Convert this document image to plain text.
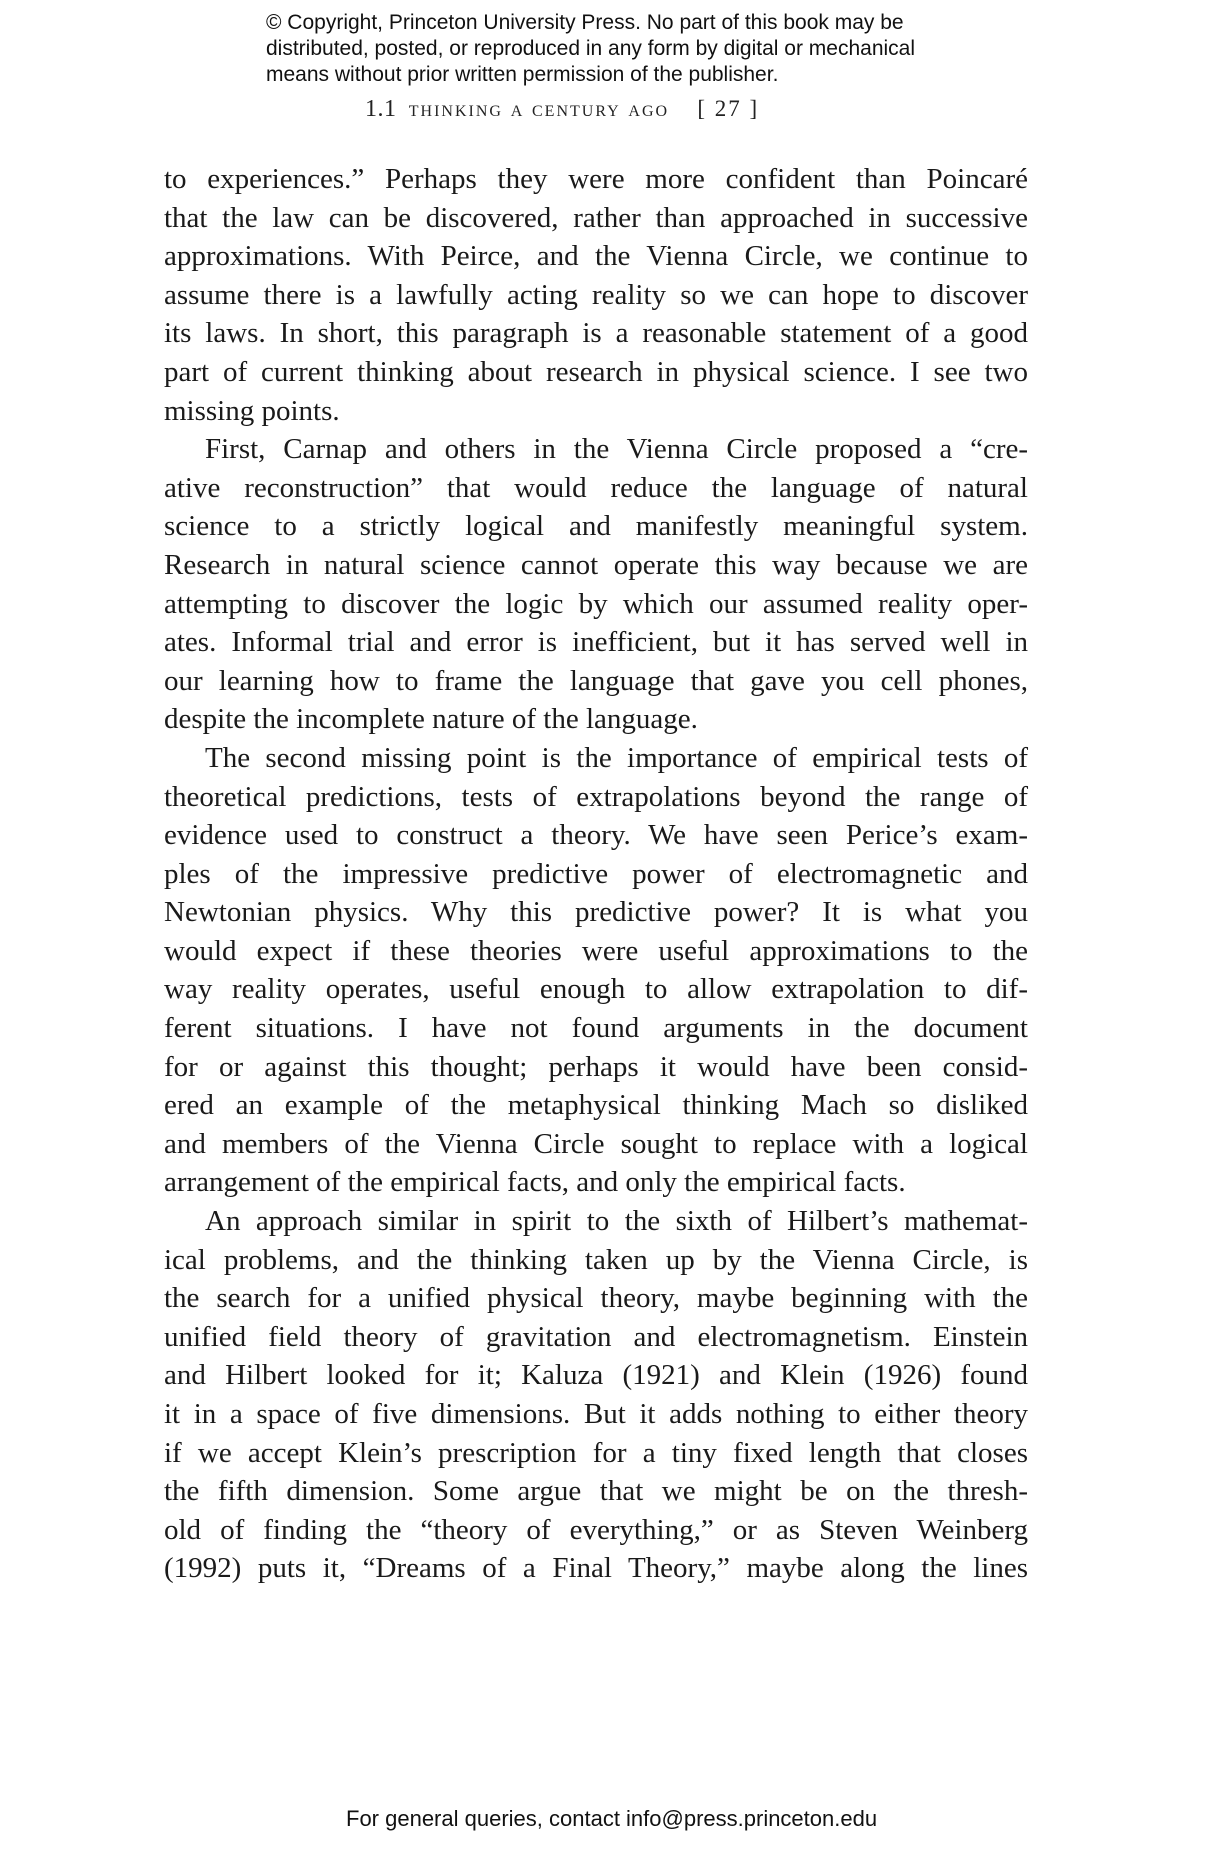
© Copyright, Princeton University Press. No part of this book may be

distributed, posted, or reproduced in any form by digital or mechanical

means without prior written permission of the publisher.

1.1 thinking a century ago [ 27 ]
to experiences.” Perhaps they were more confident than Poincaré
that the law can be discovered, rather than approached in successive
approximations. With Peirce, and the Vienna Circle, we continue to
assume there is a lawfully acting reality so we can hope to discover
its laws. In short, this paragraph is a reasonable statement of a good
part of current thinking about research in physical science. I see two
missing points.
First, Carnap and others in the Vienna Circle proposed a “cre-
ative reconstruction” that would reduce the language of natural
science to a strictly logical and manifestly meaningful system.
Research in natural science cannot operate this way because we are
attempting to discover the logic by which our assumed reality oper-
ates. Informal trial and error is inefficient, but it has served well in
our learning how to frame the language that gave you cell phones,
despite the incomplete nature of the language.
The second missing point is the importance of empirical tests of
theoretical predictions, tests of extrapolations beyond the range of
evidence used to construct a theory. We have seen Perice’s exam-
ples of the impressive predictive power of electromagnetic and
Newtonian physics. Why this predictive power? It is what you
would expect if these theories were useful approximations to the
way reality operates, useful enough to allow extrapolation to dif-
ferent situations. I have not found arguments in the document
for or against this thought; perhaps it would have been consid-
ered an example of the metaphysical thinking Mach so disliked
and members of the Vienna Circle sought to replace with a logical
arrangement of the empirical facts, and only the empirical facts.
An approach similar in spirit to the sixth of Hilbert’s mathemat-
ical problems, and the thinking taken up by the Vienna Circle, is
the search for a unified physical theory, maybe beginning with the
unified field theory of gravitation and electromagnetism. Einstein
and Hilbert looked for it; Kaluza (1921) and Klein (1926) found
it in a space of five dimensions. But it adds nothing to either theory
if we accept Klein’s prescription for a tiny fixed length that closes
the fifth dimension. Some argue that we might be on the thresh-
old of finding the “theory of everything,” or as Steven Weinberg
(1992) puts it, “Dreams of a Final Theory,” maybe along the lines
For general queries, contact info@press.princeton.edu
